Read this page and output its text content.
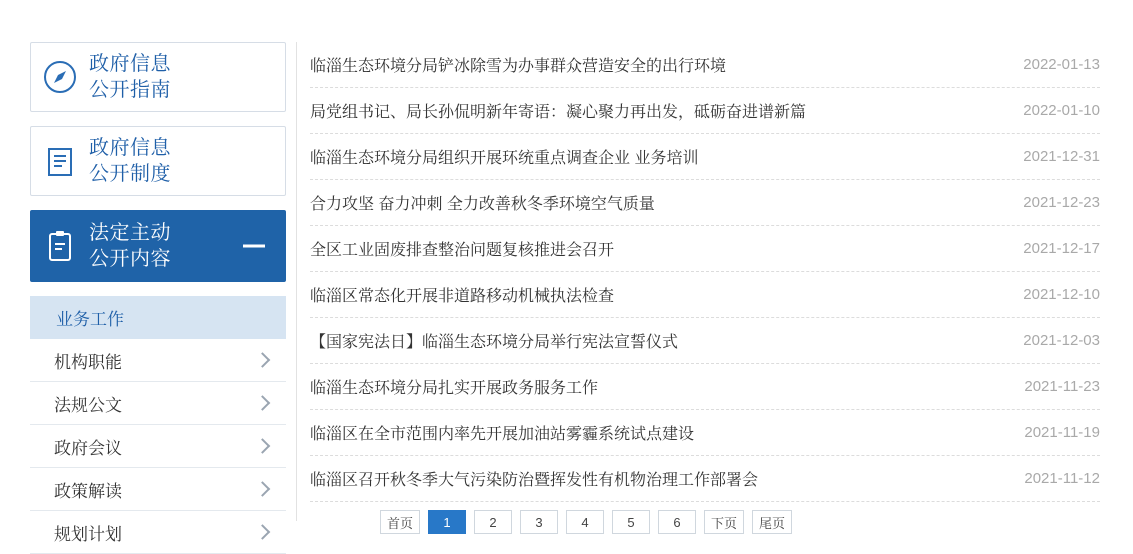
政府信息
公开指南
政府信息
公开制度
法定主动
公开内容
业务工作
机构职能
法规公文
政府会议
政策解读
规划计划
临淄生态环境分局铲冰除雪为办事群众营造安全的出行环境	2022-01-13
局党组书记、局长孙侃明新年寄语：凝心聚力再出发，砥砺奋进谱新篇	2022-01-10
临淄生态环境分局组织开展环统重点调查企业 业务培训	2021-12-31
合力攻坚 奋力冲刺 全力改善秋冬季环境空气质量	2021-12-23
全区工业固废排查整治问题复核推进会召开	2021-12-17
临淄区常态化开展非道路移动机械执法检查	2021-12-10
【国家宪法日】临淄生态环境分局举行宪法宣誓仪式	2021-12-03
临淄生态环境分局扎实开展政务服务工作	2021-11-23
临淄区在全市范围内率先开展加油站雾霾系统试点建设	2021-11-19
临淄区召开秋冬季大气污染防治暨挥发性有机物治理工作部署会	2021-11-12
首页	1	2	3	4	5	6	下页	尾页
